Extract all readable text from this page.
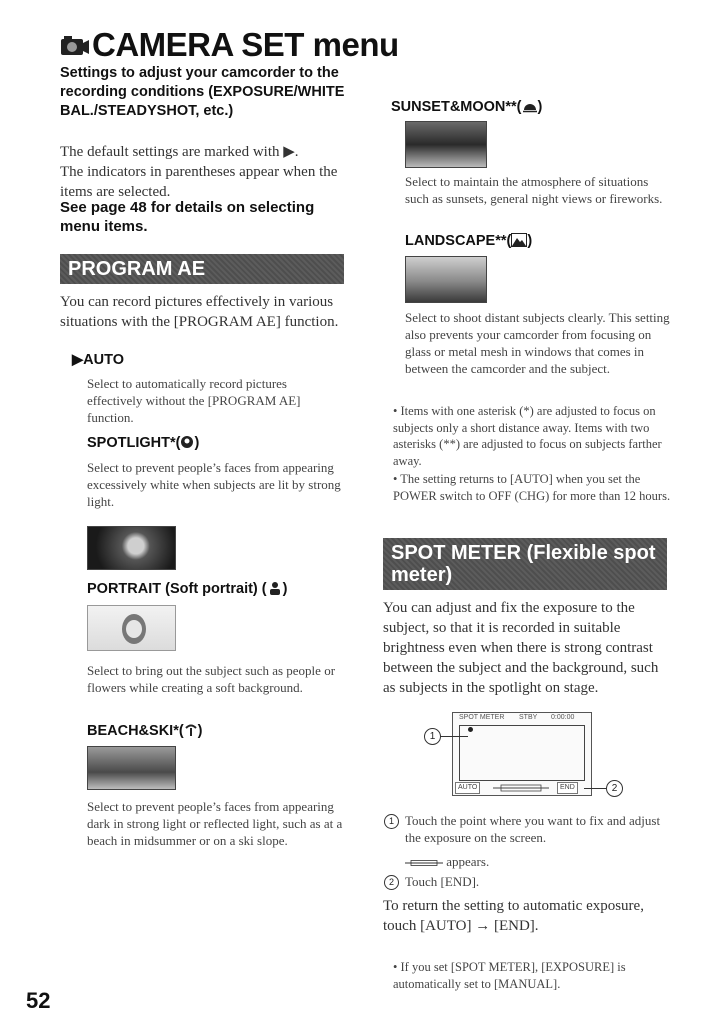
CAMERA SET menu
Settings to adjust your camcorder to the recording conditions (EXPOSURE/WHITE BAL./STEADYSHOT, etc.)
The default settings are marked with ▶.
The indicators in parentheses appear when the items are selected.
See page 48 for details on selecting menu items.
PROGRAM AE
You can record pictures effectively in various situations with the [PROGRAM AE] function.
▶AUTO
Select to automatically record pictures effectively without the [PROGRAM AE] function.
SPOTLIGHT*( )
Select to prevent people’s faces from appearing excessively white when subjects are lit by strong light.
PORTRAIT (Soft portrait) ( )
Select to bring out the subject such as people or flowers while creating a soft background.
BEACH&SKI*( )
Select to prevent people’s faces from appearing dark in strong light or reflected light, such as at a beach in midsummer or on a ski slope.
SUNSET&MOON**( )
Select to maintain the atmosphere of situations such as sunsets, general night views or fireworks.
LANDSCAPE**( )
Select to shoot distant subjects clearly. This setting also prevents your camcorder from focusing on glass or metal mesh in windows that comes in between the camcorder and the subject.
• Items with one asterisk (*) are adjusted to focus on subjects only a short distance away. Items with two asterisks (**) are adjusted to focus on subjects farther away.
• The setting returns to [AUTO] when you set the POWER switch to OFF (CHG) for more than 12 hours.
SPOT METER (Flexible spot meter)
You can adjust and fix the exposure to the subject, so that it is recorded in suitable brightness even when there is strong contrast between the subject and the background, such as subjects in the spotlight on stage.
SPOT METER STBY 0:00:00
AUTO	END
1
2
1 Touch the point where you want to fix and adjust the exposure on the screen.
appears.
2 Touch [END].
To return the setting to automatic exposure, touch [AUTO] → [END].
• If you set [SPOT METER], [EXPOSURE] is automatically set to [MANUAL].
52
